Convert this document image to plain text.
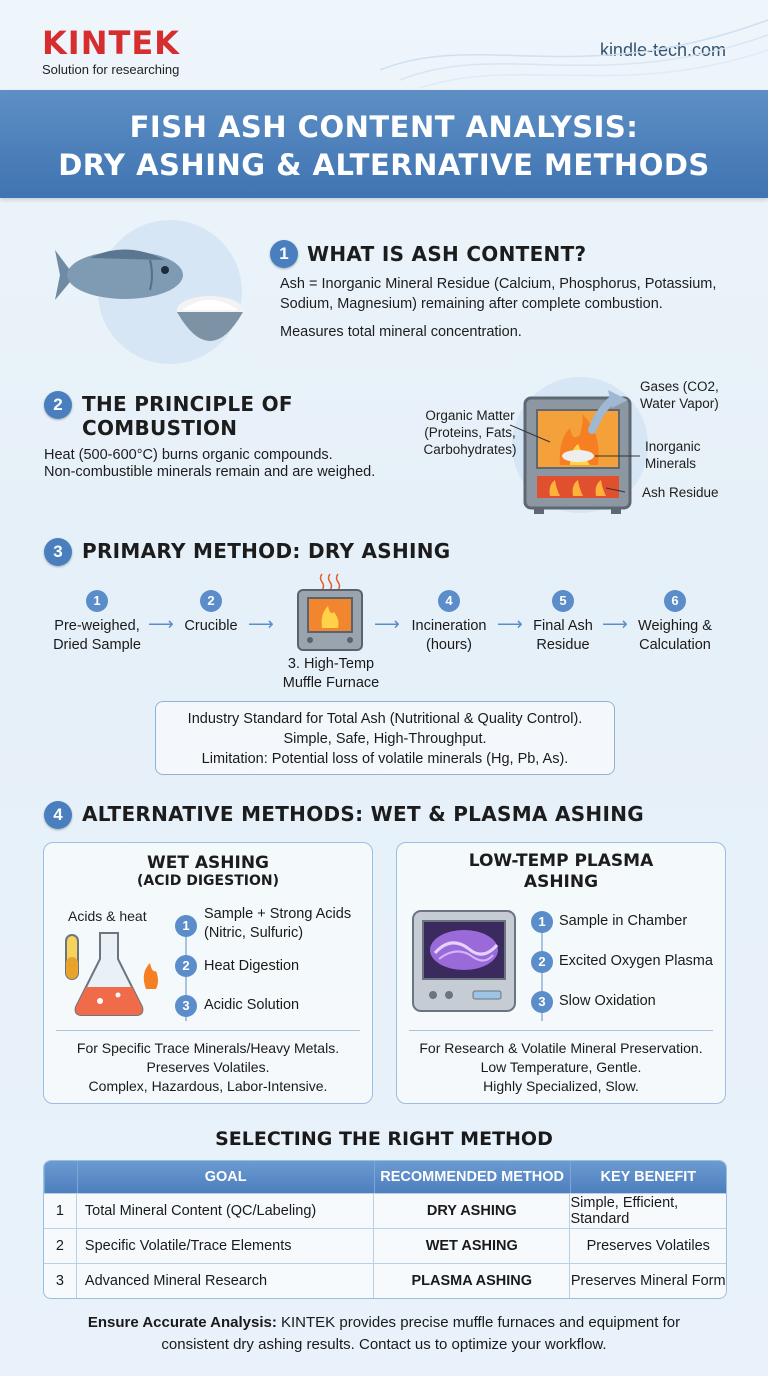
KINTEK
Solution for researching
kindle-tech.com
FISH ASH CONTENT ANALYSIS:
DRY ASHING & ALTERNATIVE METHODS
1 WHAT IS ASH CONTENT?
Ash = Inorganic Mineral Residue (Calcium, Phosphorus, Potassium,
Sodium, Magnesium) remaining after complete combustion.
Measures total mineral concentration.
2 THE PRINCIPLE OF
COMBUSTION
Heat (500-600°C) burns organic compounds.
Non-combustible minerals remain and are weighed.
Organic Matter
(Proteins, Fats,
Carbohydrates)
Gases (CO2,
Water Vapor)
Inorganic
Minerals
Ash Residue
3 PRIMARY METHOD: DRY ASHING
1
Pre-weighed,
Dried Sample
⟶
2
Crucible ⟶
3. High-Temp
Muffle Furnace
⟶
4
Incineration
(hours)
⟶
5
Final Ash
Residue
⟶
6
Weighing &
Calculation
Industry Standard for Total Ash (Nutritional & Quality Control).
Simple, Safe, High-Throughput.
Limitation: Potential loss of volatile minerals (Hg, Pb, As).
4 ALTERNATIVE METHODS: WET & PLASMA ASHING
WET ASHING
(ACID DIGESTION)
Acids & heat
1
Sample + Strong Acids
(Nitric, Sulfuric)
2 Heat Digestion
3 Acidic Solution
For Specific Trace Minerals/Heavy Metals.
Preserves Volatiles.
Complex, Hazardous, Labor-Intensive.
LOW-TEMP PLASMA
ASHING
1 Sample in Chamber
2 Excited Oxygen Plasma
3 Slow Oxidation
For Research & Volatile Mineral Preservation.
Low Temperature, Gentle.
Highly Specialized, Slow.
SELECTING THE RIGHT METHOD
GOAL	RECOMMENDED METHOD	KEY BENEFIT
1	Total Mineral Content (QC/Labeling)	DRY ASHING	Simple, Efficient, Standard
2	Specific Volatile/Trace Elements	WET ASHING	Preserves Volatiles
3	Advanced Mineral Research	PLASMA ASHING	Preserves Mineral Form
Ensure Accurate Analysis: KINTEK provides precise muffle furnaces and equipment for
consistent dry ashing results. Contact us to optimize your workflow.
